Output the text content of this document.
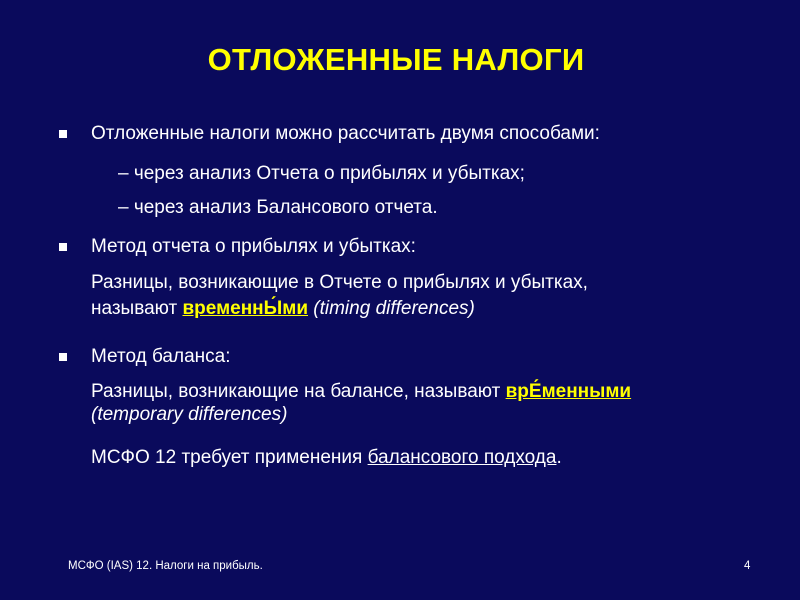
ОТЛОЖЕННЫЕ НАЛОГИ
Отложенные налоги можно рассчитать двумя способами:
– через анализ Отчета о прибылях и убытках;
– через анализ Балансового отчета.
Метод отчета о прибылях и убытках:
Разницы, возникающие в Отчете о прибылях и убытках,
называют временнЫ́ми (timing differences)
Метод баланса:
Разницы, возникающие на балансе, называют врЕ́менными
(temporary differences)
МСФО 12 требует применения балансового подхода.
МСФО (IAS) 12. Налоги на прибыль.	4
